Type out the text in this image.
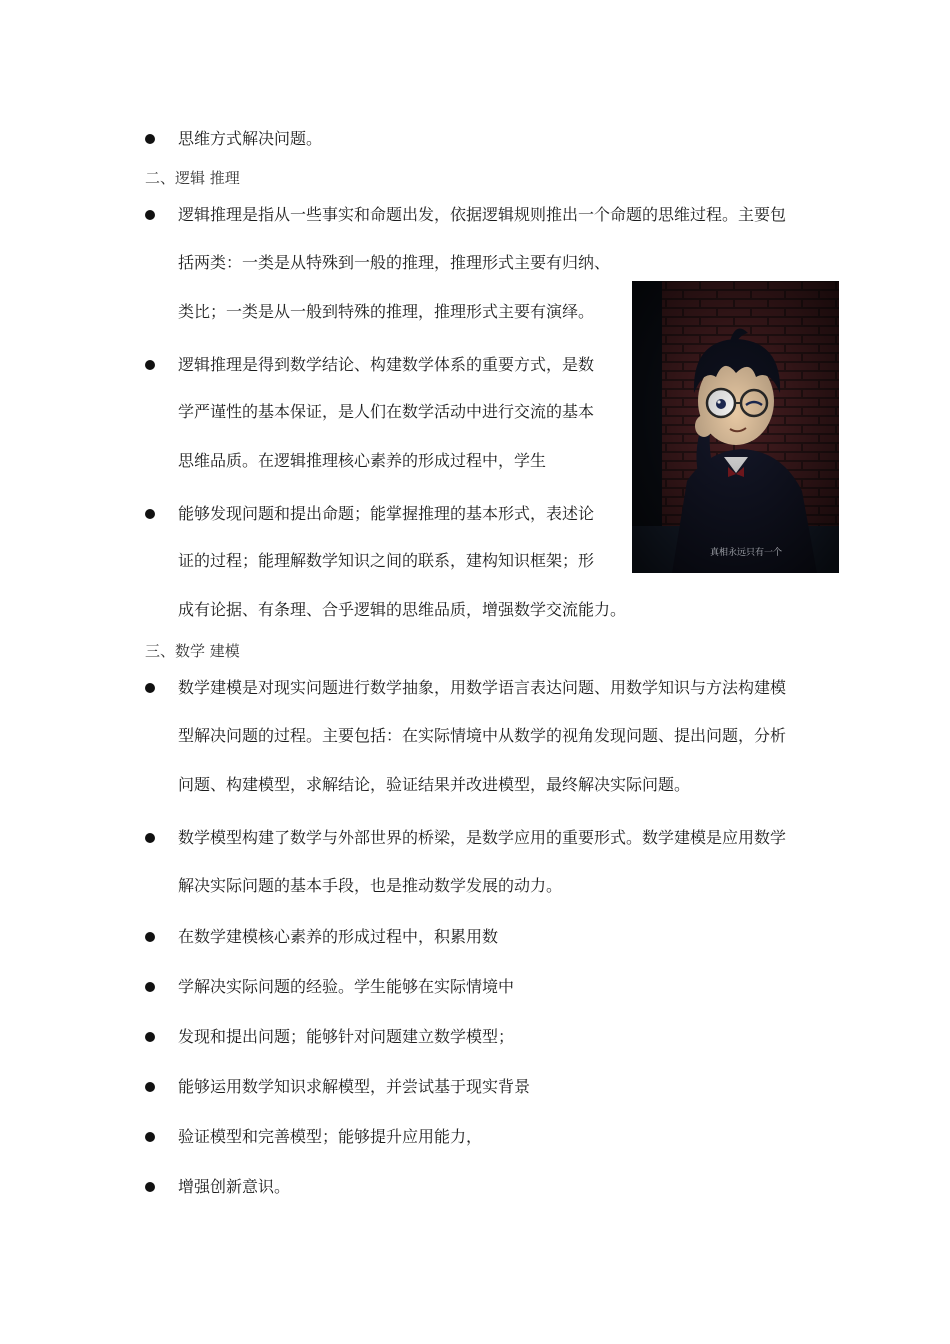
思维方式解决问题。
二、逻辑 推理
逻辑推理是指从一些事实和命题出发，依据逻辑规则推出一个命题的思维过程。主要包
括两类：一类是从特殊到一般的推理，推理形式主要有归纳、
类比；一类是从一般到特殊的推理，推理形式主要有演绎。
逻辑推理是得到数学结论、构建数学体系的重要方式，是数
学严谨性的基本保证，是人们在数学活动中进行交流的基本
思维品质。在逻辑推理核心素养的形成过程中，学生
能够发现问题和提出命题；能掌握推理的基本形式，表述论
证的过程；能理解数学知识之间的联系，建构知识框架；形
成有论据、有条理、合乎逻辑的思维品质，增强数学交流能力。
真相永远只有一个
三、数学 建模
数学建模是对现实问题进行数学抽象，用数学语言表达问题、用数学知识与方法构建模
型解决问题的过程。主要包括：在实际情境中从数学的视角发现问题、提出问题，分析
问题、构建模型，求解结论，验证结果并改进模型，最终解决实际问题。
数学模型构建了数学与外部世界的桥梁，是数学应用的重要形式。数学建模是应用数学
解决实际问题的基本手段，也是推动数学发展的动力。
在数学建模核心素养的形成过程中，积累用数
学解决实际问题的经验。学生能够在实际情境中
发现和提出问题；能够针对问题建立数学模型；
能够运用数学知识求解模型，并尝试基于现实背景
验证模型和完善模型；能够提升应用能力，
增强创新意识。
